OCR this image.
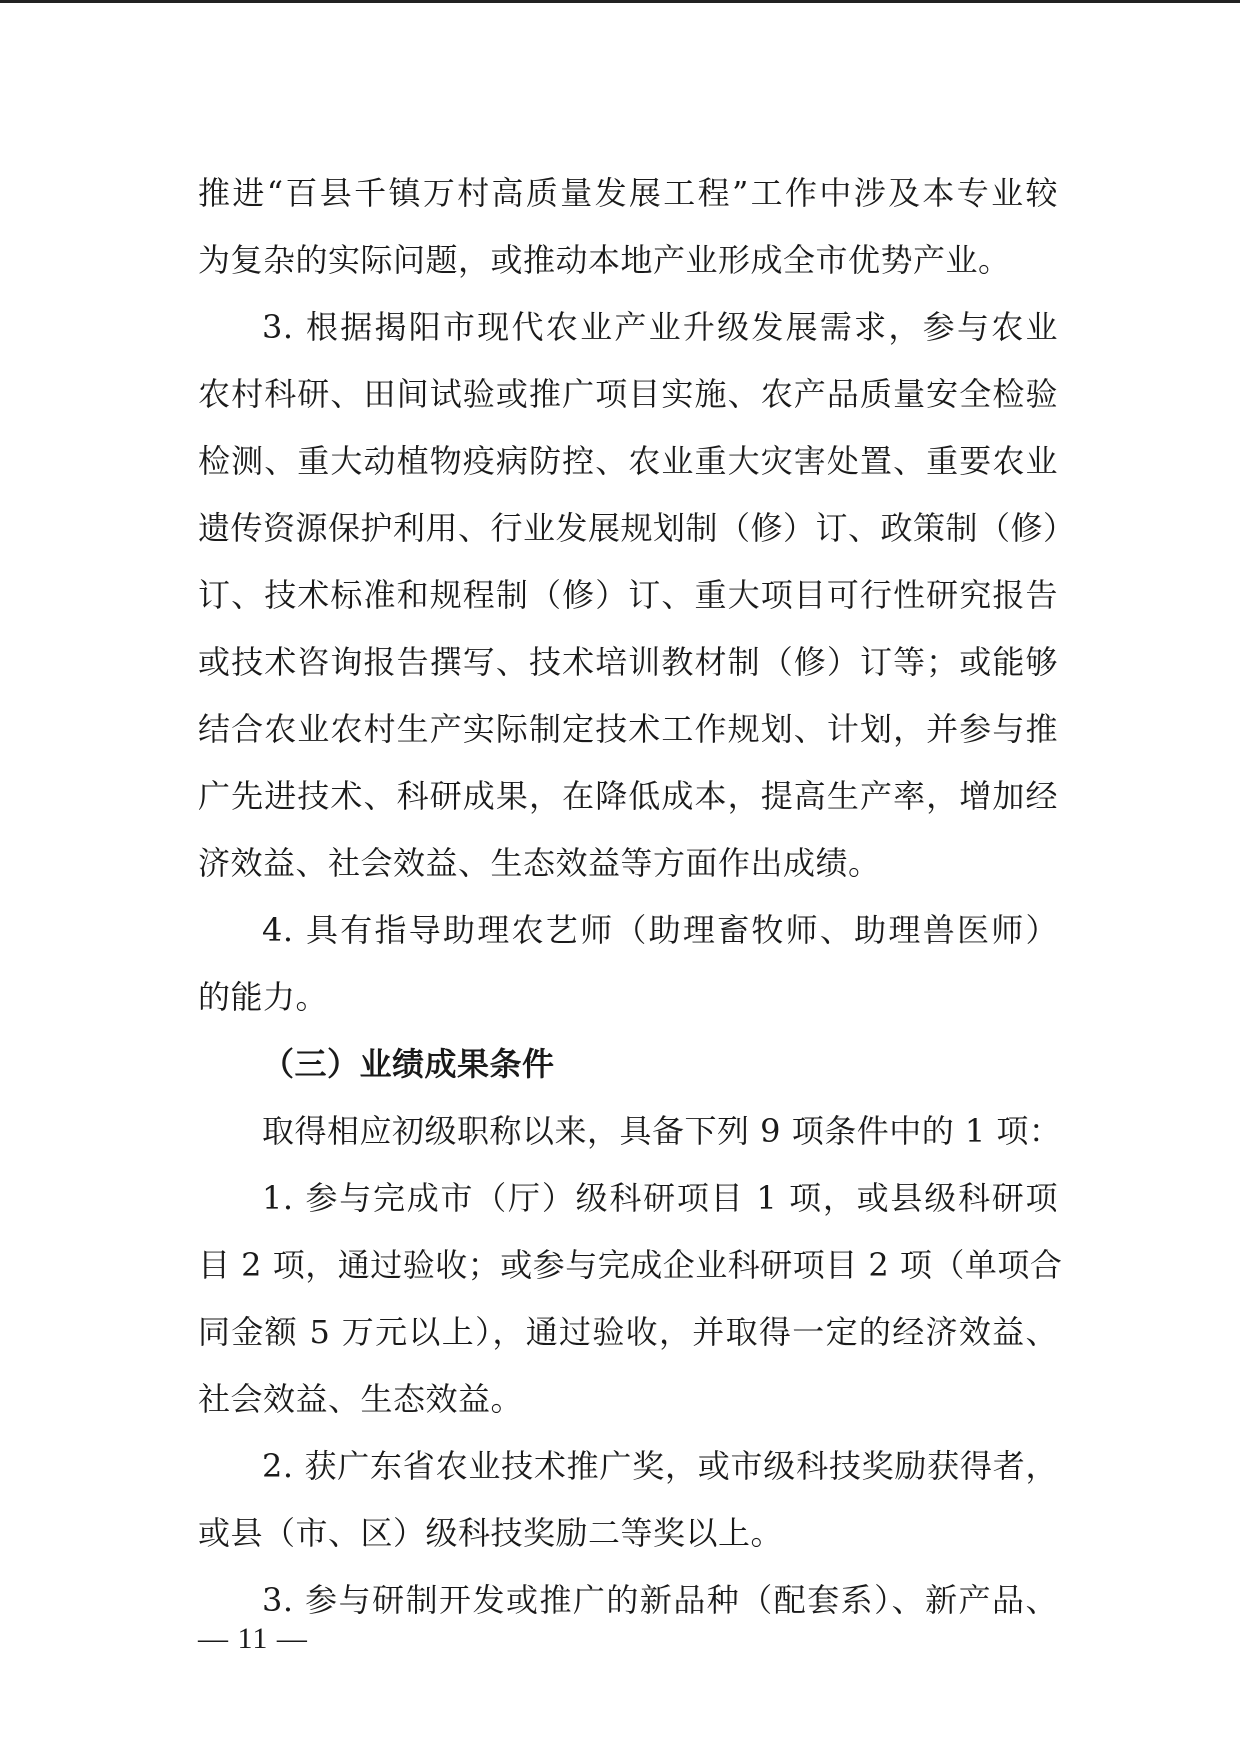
推进“百县千镇万村高质量发展工程”工作中涉及本专业较
为复杂的实际问题，或推动本地产业形成全市优势产业。
3. 根据揭阳市现代农业产业升级发展需求，参与农业
农村科研、田间试验或推广项目实施、农产品质量安全检验
检测、重大动植物疫病防控、农业重大灾害处置、重要农业
遗传资源保护利用、行业发展规划制（修）订、政策制（修）
订、技术标准和规程制（修）订、重大项目可行性研究报告
或技术咨询报告撰写、技术培训教材制（修）订等；或能够
结合农业农村生产实际制定技术工作规划、计划，并参与推
广先进技术、科研成果，在降低成本，提高生产率，增加经
济效益、社会效益、生态效益等方面作出成绩。
4. 具有指导助理农艺师（助理畜牧师、助理兽医师）
的能力。
（三）业绩成果条件
取得相应初级职称以来，具备下列 9 项条件中的 1 项：
1. 参与完成市（厅）级科研项目 1 项，或县级科研项
目 2 项，通过验收；或参与完成企业科研项目 2 项（单项合
同金额 5 万元以上），通过验收，并取得一定的经济效益、
社会效益、生态效益。
2. 获广东省农业技术推广奖，或市级科技奖励获得者，
或县（市、区）级科技奖励二等奖以上。
3. 参与研制开发或推广的新品种（配套系）、新产品、
— 11 —
